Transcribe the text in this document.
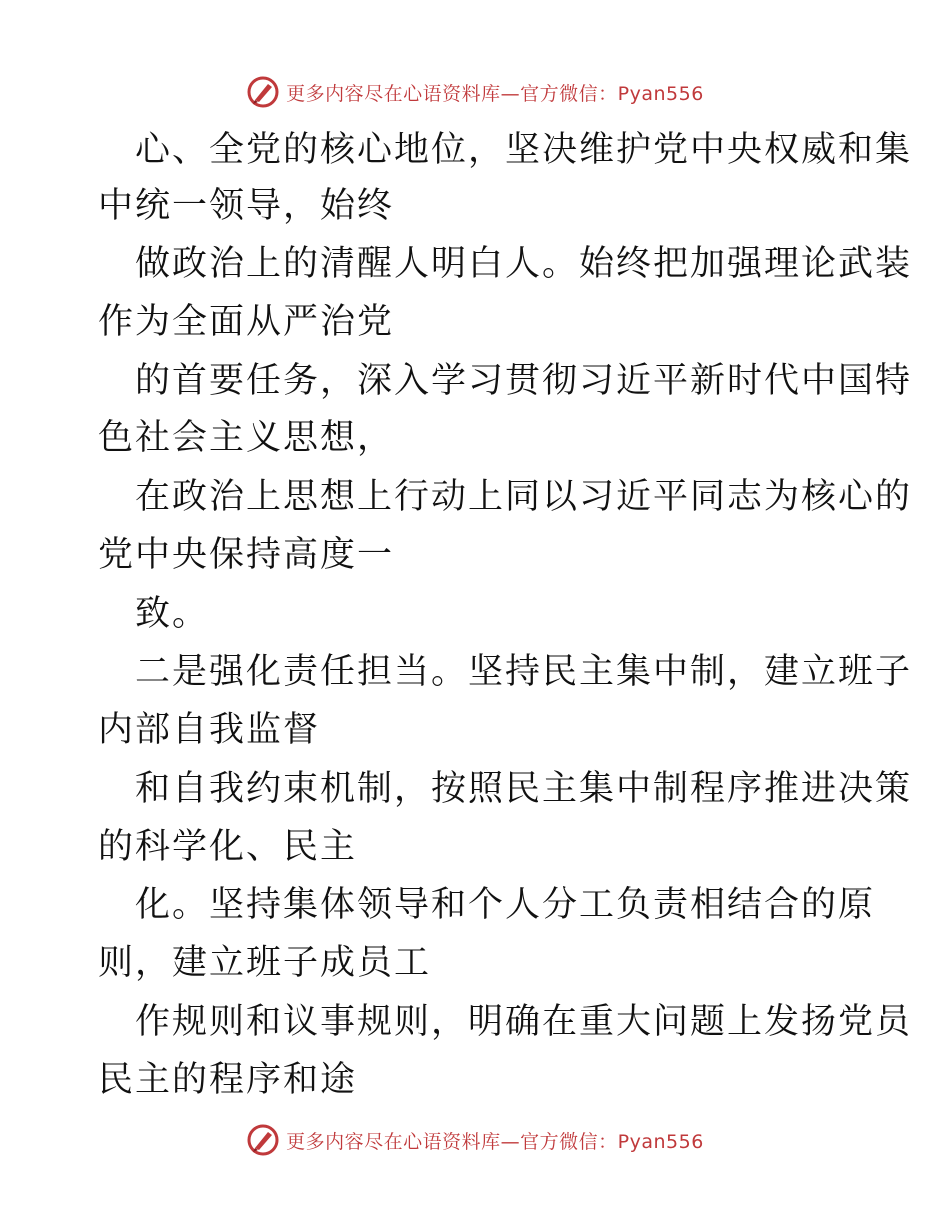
更多内容尽在心语资料库—官方微信：Pyan556
心、全党的核心地位，坚决维护党中央权威和集
中统一领导，始终
做政治上的清醒人明白人。始终把加强理论武装
作为全面从严治党
的首要任务，深入学习贯彻习近平新时代中国特
色社会主义思想，
在政治上思想上行动上同以习近平同志为核心的
党中央保持高度一
致。
二是强化责任担当。坚持民主集中制，建立班子
内部自我监督
和自我约束机制，按照民主集中制程序推进决策
的科学化、民主
化。坚持集体领导和个人分工负责相结合的原
则，建立班子成员工
作规则和议事规则，明确在重大问题上发扬党员
民主的程序和途
更多内容尽在心语资料库—官方微信：Pyan556
